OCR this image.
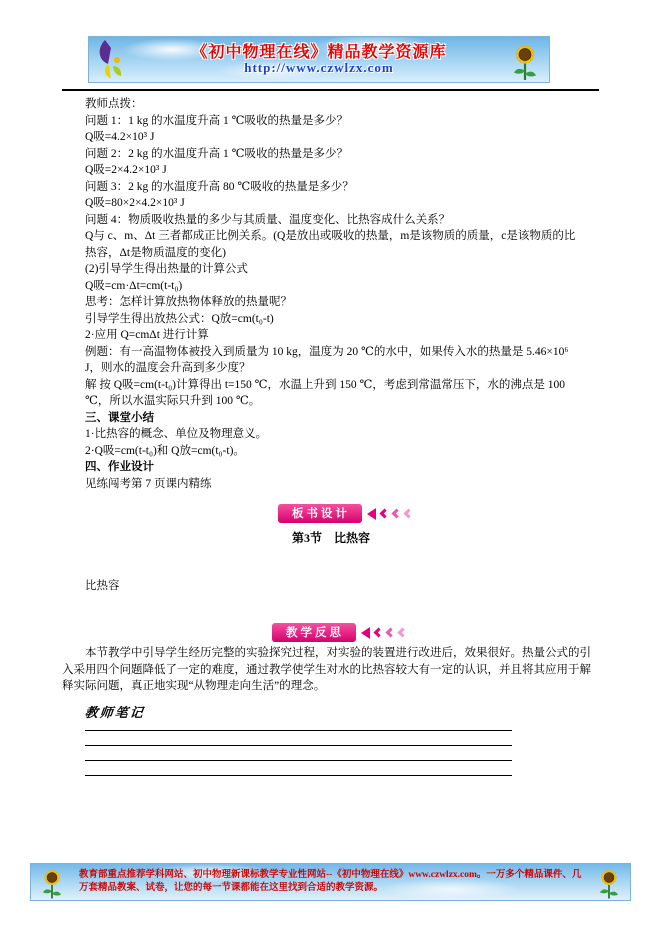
《初中物理在线》精品教学资源库
http://www.czwlzx.com
教师点拨：
问题 1：1 kg 的水温度升高 1 ℃吸收的热量是多少？
Q吸=4.2×10³ J
问题 2：2 kg 的水温度升高 1 ℃吸收的热量是多少？
Q吸=2×4.2×10³ J
问题 3：2 kg 的水温度升高 80 ℃吸收的热量是多少？
Q吸=80×2×4.2×10³ J
问题 4：物质吸收热量的多少与其质量、温度变化、比热容成什么关系？
Q与 c、m、Δt 三者都成正比例关系。(Q是放出或吸收的热量，m是该物质的质量，c是该物质的比热容，Δt是物质温度的变化)
(2)引导学生得出热量的计算公式
Q吸=cm·Δt=cm(t-t₀)
思考：怎样计算放热物体释放的热量呢？
引导学生得出放热公式：Q放=cm(t₀-t)
2·应用 Q=cmΔt 进行计算
例题：有一高温物体被投入到质量为 10 kg，温度为 20 ℃的水中，如果传入水的热量是 5.46×10⁶ J，则水的温度会升高到多少度？
解 按 Q吸=cm(t-t₀)计算得出 t=150 ℃，水温上升到 150 ℃，考虑到常温常压下，水的沸点是 100 ℃，所以水温实际只升到 100 ℃。
三、课堂小结
1·比热容的概念、单位及物理意义。
2·Q吸=cm(t-t₀)和 Q放=cm(t₀-t)。
四、作业设计
见练闯考第 7 页课内精练
板书设计
第3节　比热容
比热容
教学反思
本节教学中引导学生经历完整的实验探究过程，对实验的装置进行改进后，效果很好。热量公式的引入采用四个问题降低了一定的难度，通过教学使学生对水的比热容较大有一定的认识，并且将其应用于解释实际问题，真正地实现“从物理走向生活”的理念。
教师笔记
教育部重点推荐学科网站、初中物理新课标教学专业性网站--《初中物理在线》www.czwlzx.com。一万多个精品课件、几万套精品教案、试卷，让您的每一节课都能在这里找到合适的教学资源。
